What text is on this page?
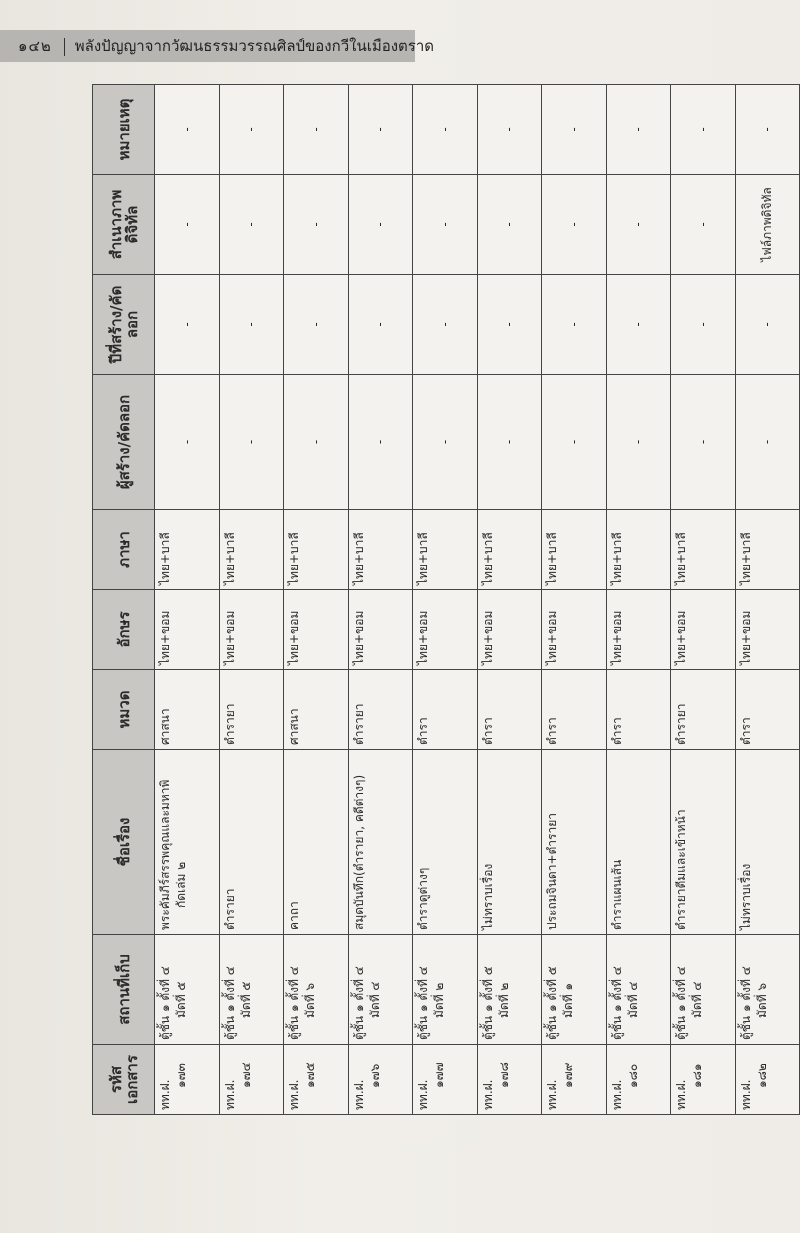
๑๔๒ พลังปัญญาจากวัฒนธรรมวรรณศิลป์ของกวีในเมืองตราด
รหัสเอกสาร	สถานที่เก็บ	ชื่อเรื่อง	หมวด	อักษร	ภาษา	ผู้สร้าง/คัดลอก	ปีที่สร้าง/คัดลอก	สำเนาภาพดิจิทัล	หมายเหตุ

ทท.ฝ.
๑๗๓	ตู้ชั้น ๑ ตั้งที่ ๔ มัดที่ ๕	พระคัมภีร์สรรพคุณและมหาพิ กัดเล่ม ๒	ศาสนา	ไทย+ขอม	ไทย+บาลี	-	-	-	-

ทท.ฝ.
๑๗๔	ตู้ชั้น ๑ ตั้งที่ ๔ มัดที่ ๕	ตำรายา	ตำรายา	ไทย+ขอม	ไทย+บาลี	-	-	-	-

ทท.ฝ.
๑๗๕	ตู้ชั้น ๑ ตั้งที่ ๔ มัดที่ ๖	คาถา	ศาสนา	ไทย+ขอม	ไทย+บาลี	-	-	-	-

ทท.ฝ.
๑๗๖	ตู้ชั้น ๑ ตั้งที่ ๔ มัดที่ ๔	สมุดบันทึก(ตำรายา, คดีต่างๆ)	ตำรายา	ไทย+ขอม	ไทย+บาลี	-	-	-	-

ทท.ฝ.
๑๗๗	ตู้ชั้น ๑ ตั้งที่ ๔ มัดที่ ๒	ตำราดูต่างๆ	ตำรา	ไทย+ขอม	ไทย+บาลี	-	-	-	-

ทท.ฝ.
๑๗๘	ตู้ชั้น ๑ ตั้งที่ ๕ มัดที่ ๒	ไม่ทราบเรื่อง	ตำรา	ไทย+ขอม	ไทย+บาลี	-	-	-	-

ทท.ฝ.
๑๗๙	ตู้ชั้น ๑ ตั้งที่ ๕ มัดที่ ๑	ประถมจินดา+ตำรายา	ตำรา	ไทย+ขอม	ไทย+บาลี	-	-	-	-

ทท.ฝ.
๑๘๐	ตู้ชั้น ๑ ตั้งที่ ๔ มัดที่ ๔	ตำราแผนเส้น	ตำรา	ไทย+ขอม	ไทย+บาลี	-	-	-	-

ทท.ฝ.
๑๘๑	ตู้ชั้น ๑ ตั้งที่ ๔ มัดที่ ๔	ตำรายาตีมและเข้าหน้า	ตำรายา	ไทย+ขอม	ไทย+บาลี	-	-	-	-

ทท.ฝ.
๑๘๒	ตู้ชั้น ๑ ตั้งที่ ๔ มัดที่ ๖	ไม่ทราบเรื่อง	ตำรา	ไทย+ขอม	ไทย+บาลี	-	-	ไฟล์ภาพดิจิทัล	-
